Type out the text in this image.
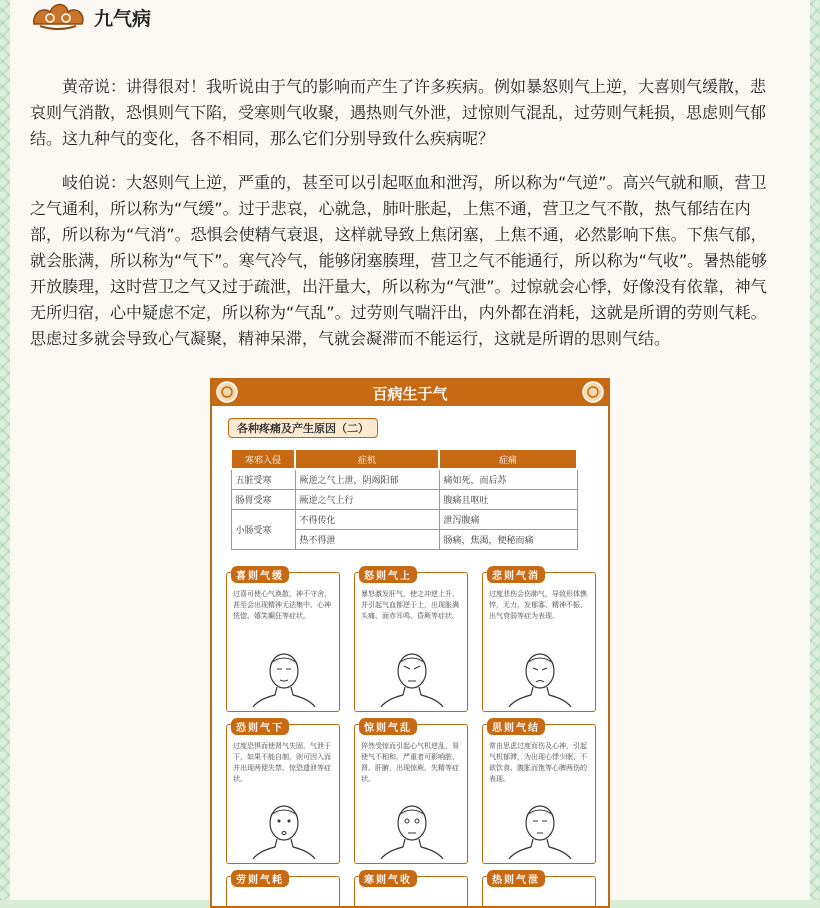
九气病

黄帝说：讲得很对！我听说由于气的影响而产生了许多疾病。例如暴怒则气上逆，大喜则气缓散，悲哀则气消散，恐惧则气下陷，受寒则气收聚，遇热则气外泄，过惊则气混乱，过劳则气耗损，思虑则气郁结。这九种气的变化，各不相同，那么它们分别导致什么疾病呢？

岐伯说：大怒则气上逆，严重的，甚至可以引起呕血和泄泻，所以称为“气逆”。高兴气就和顺，营卫之气通利，所以称为“气缓”。过于悲哀，心就急，肺叶胀起，上焦不通，营卫之气不散，热气郁结在内部，所以称为“气消”。恐惧会使精气衰退，这样就导致上焦闭塞，上焦不通，必然影响下焦。下焦气郁，就会胀满，所以称为“气下”。寒气冷气，能够闭塞腠理，营卫之气不能通行，所以称为“气收”。暑热能够开放腠理，这时营卫之气又过于疏泄，出汗量大，所以称为“气泄”。过惊就会心悸，好像没有依靠，神气无所归宿，心中疑虑不定，所以称为“气乱”。过劳则气喘汗出，内外都在消耗，这就是所谓的劳则气耗。思虑过多就会导致心气凝聚，精神呆滞，气就会凝滞而不能运行，这就是所谓的思则气结。

百病生于气
各种疼痛及产生原因（二）
寒邪入侵	症机	症痛
五脏受寒	厥逆之气上泄，阴竭阳郁	痛如死，而后苏
肠胃受寒	厥逆之气上行	腹痛且呕吐
小肠受寒	不得传化	泄泻腹痛
	热不得泄	肠痛，焦渴，便秘而痛
喜则气缓
过喜可使心气涣散，神不守舍，甚至会出现精神无法集中、心神恍惚、嬉笑癫狂等症状。
怒则气上
暴怒激发肝气，使之冲逆上升，并引起气血都逆于上，出现胀满头痛、面赤耳鸣、昏厥等症状。
悲则气消
过度悲伤会伤肺气，导致形体憔悴，无力，发郁寡、精神不振、出气衰弱等症为表现。
恐则气下
过度恐惧而使肾气失固，气泄于下，如果不能自制，则可因入而并出现两便失禁、惊恐遗泄等症状。
惊则气乱
猝然受惊而引起心气机逆乱，易使气不相和，严重者可影响脏、肾、肝腑，出现惊厥、失精等症状。
思则气结
常由思虑过度而伤及心神，引起气机郁滞，为出现心悸少眠、不欲饮食、腹胀而饱等心脾两伤的表现。
劳则气耗	寒则气收	热则气泄
